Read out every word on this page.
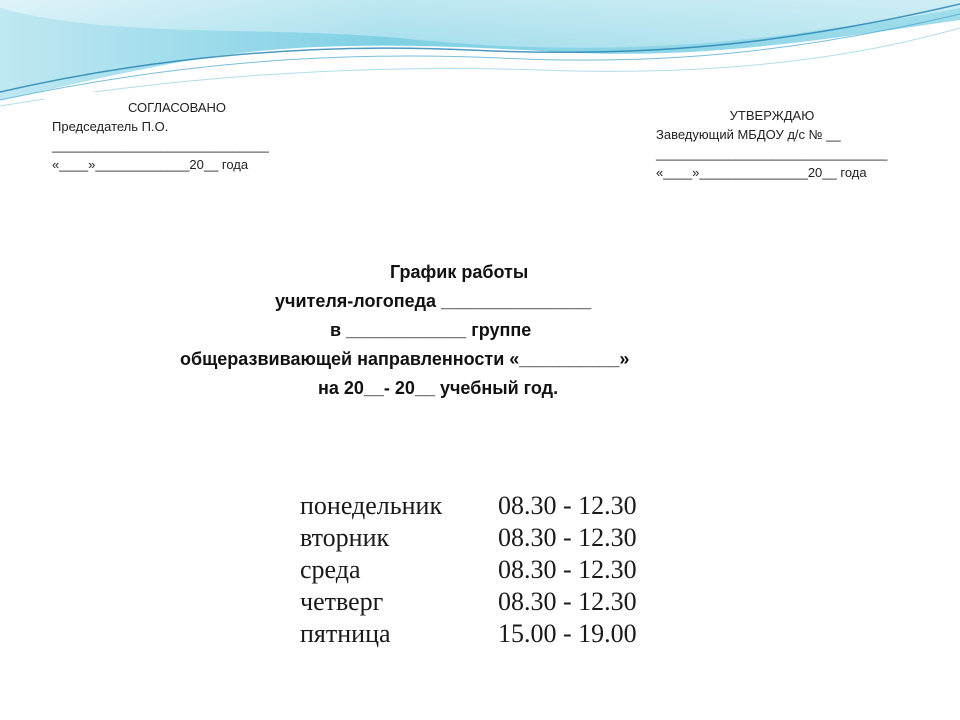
СОГЛАСОВАНО
Председатель П.О.
______________________________
«____»_____________20__ года
УТВЕРЖДАЮ
Заведующий МБДОУ д/с № __
________________________________
«____»_______________20__ года
График работы
учителя-логопеда _______________
в ____________ группе
общеразвивающей направленности «__________»
на 20__- 20__ учебный год.
понедельник	08.30 - 12.30
вторник	08.30 - 12.30
среда	08.30 - 12.30
четверг	08.30 - 12.30
пятница	15.00 - 19.00
